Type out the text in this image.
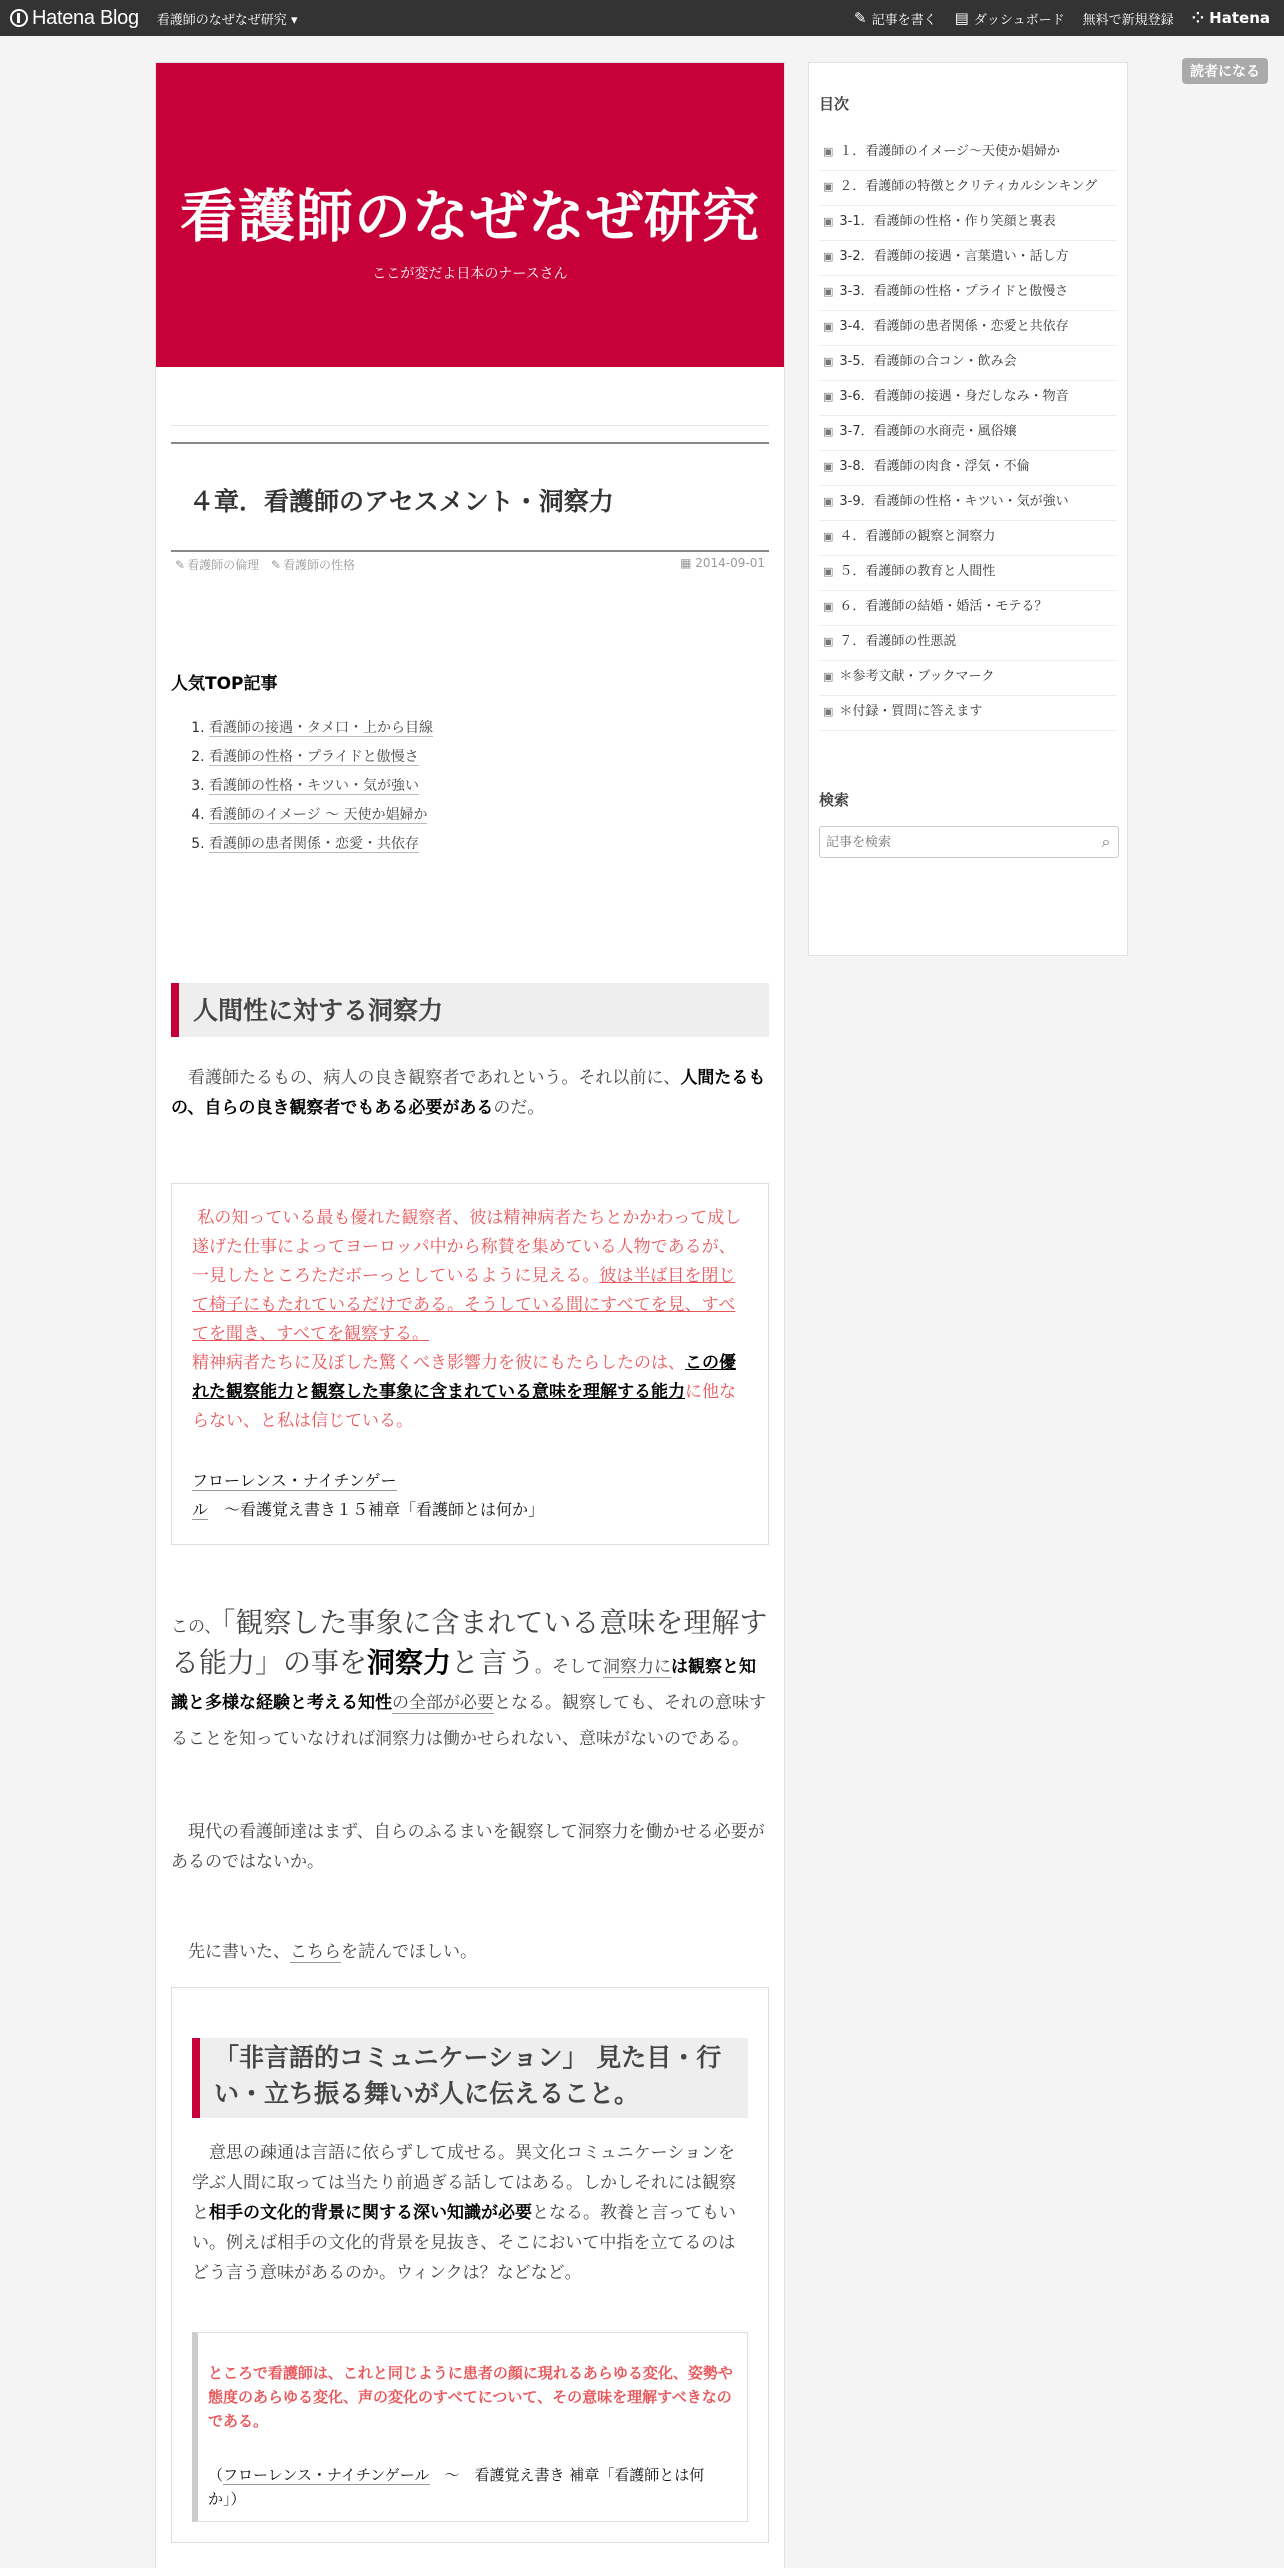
Hatena Blog 看護師のなぜなぜ研究 ▾	✎ 記事を書く ▤ ダッシュボード 無料で新規登録 ⁘ Hatena
読者になる
看護師のなぜなぜ研究
ここが変だよ日本のナースさん
４章．看護師のアセスメント・洞察力
✎ 看護師の倫理 ✎ 看護師の性格	▦ 2014-09-01
人気TOP記事
1. 看護師の接遇・タメ口・上から目線
2. 看護師の性格・プライドと傲慢さ
3. 看護師の性格・キツい・気が強い
4. 看護師のイメージ 〜 天使か娼婦か
5. 看護師の患者関係・恋愛・共依存
人間性に対する洞察力

看護師たるもの、病人の良き観察者であれという。それ以前に、人間たるもの、自らの良き観察者でもある必要があるのだ。

私の知っている最も優れた観察者、彼は精神病者たちとかかわって成し遂げた仕事によってヨーロッパ中から称賛を集めている人物であるが、一見したところただボーっとしているように見える。彼は半ば目を閉じて椅子にもたれているだけである。そうしている間にすべてを見、すべてを聞き、すべてを観察する。
精神病者たちに及ぼした驚くべき影響力を彼にもたらしたのは、この優れた観察能力と観察した事象に含まれている意味を理解する能力に他ならない、と私は信じている。

フローレンス・ナイチンゲール　 〜看護覚え書き１５補章「看護師とは何か」

この、「観察した事象に含まれている意味を理解する能力」の事を洞察力と言う。そして洞察力には観察と知識と多様な経験と考える知性の全部が必要となる。観察しても、それの意味することを知っていなければ洞察力は働かせられない、意味がないのである。

現代の看護師達はまず、自らのふるまいを観察して洞察力を働かせる必要があるのではないか。

先に書いた、こちらを読んでほしい。

「非言語的コミュニケーション」 見た目・行い・立ち振る舞いが人に伝えること。

意思の疎通は言語に依らずして成せる。異文化コミュニケーションを学ぶ人間に取っては当たり前過ぎる話してはある。しかしそれには観察と相手の文化的背景に関する深い知識が必要となる。教養と言ってもいい。例えば相手の文化的背景を見抜き、そこにおいて中指を立てるのはどう言う意味があるのか。ウィンクは？などなど。

ところで看護師は、これと同じように患者の顔に現れるあらゆる変化、姿勢や態度のあらゆる変化、声の変化のすべてについて、その意味を理解すべきなのである。

（フローレンス・ナイチンゲール　 〜　看護覚え書き 補章「看護師とは何か」）

目次
▣ １．看護師のイメージ〜天使か娼婦か
▣ ２．看護師の特徴とクリティカルシンキング
▣ 3-1．看護師の性格・作り笑顔と裏表
▣ 3-2．看護師の接遇・言葉遣い・話し方
▣ 3-3．看護師の性格・プライドと傲慢さ
▣ 3-4．看護師の患者関係・恋愛と共依存
▣ 3-5．看護師の合コン・飲み会
▣ 3-6．看護師の接遇・身だしなみ・物音
▣ 3-7．看護師の水商売・風俗嬢
▣ 3-8．看護師の肉食・浮気・不倫
▣ 3-9．看護師の性格・キツい・気が強い
▣ ４．看護師の観察と洞察力
▣ ５．看護師の教育と人間性
▣ ６．看護師の結婚・婚活・モテる？
▣ ７．看護師の性悪説
▣ ＊参考文献・ブックマーク
▣ ＊付録・質問に答えます
検索
記事を検索
⌕
